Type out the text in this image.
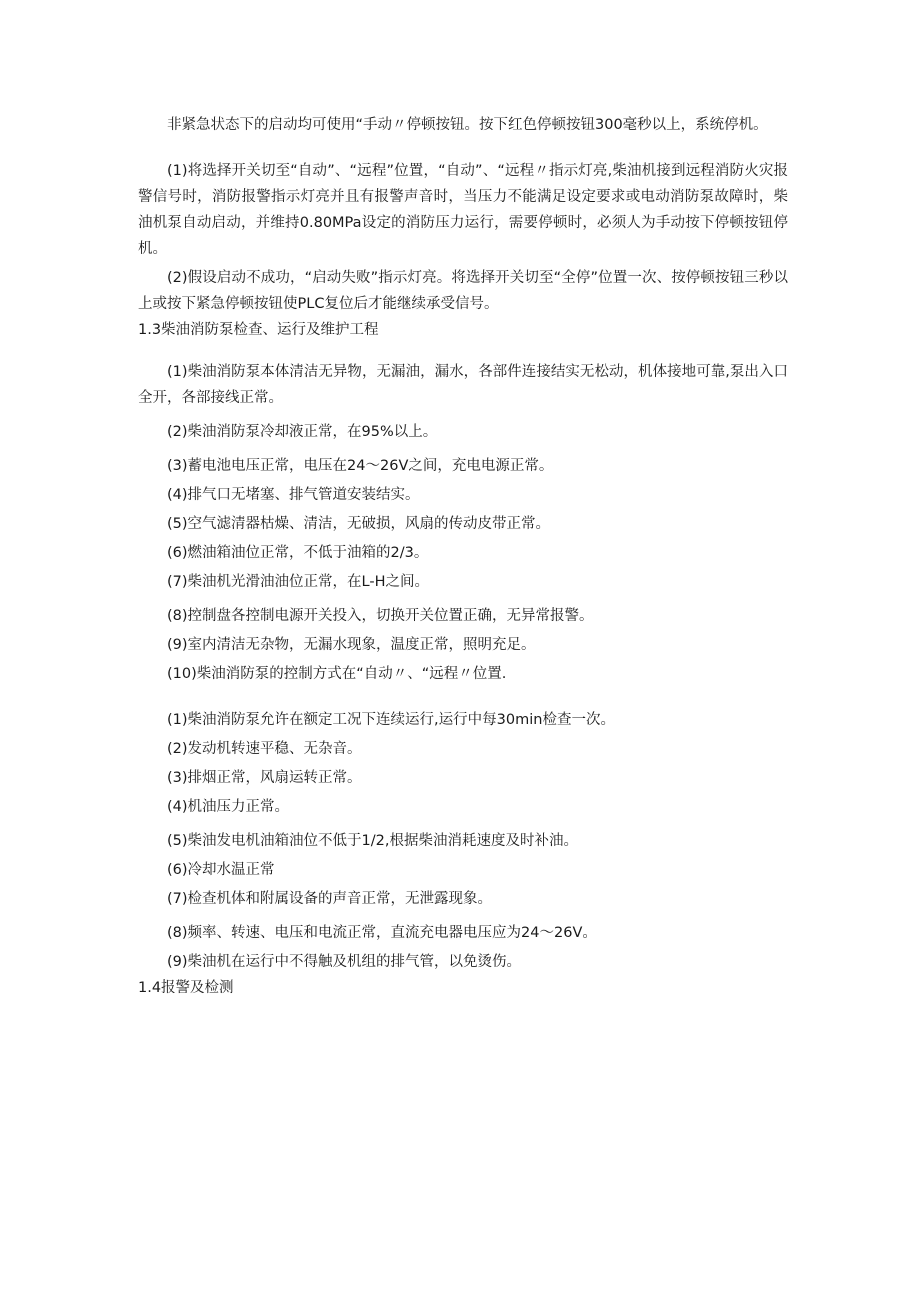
非紧急状态下的启动均可使用“手动〃停顿按钮。按下红色停顿按钮300毫秒以上，系统停机。

(1)将选择开关切至“自动”、“远程”位置，“自动”、“远程〃指示灯亮,柴油机接到远程消防火灾报警信号时，消防报警指示灯亮并且有报警声音时，当压力不能满足设定要求或电动消防泵故障时，柴油机泵自动启动，并维持0.80MPa设定的消防压力运行，需要停顿时，必须人为手动按下停顿按钮停机。

(2)假设启动不成功，“启动失败”指示灯亮。将选择开关切至“全停”位置一次、按停顿按钮三秒以上或按下紧急停顿按钮使PLC复位后才能继续承受信号。

1.3柴油消防泵检查、运行及维护工程

(1)柴油消防泵本体清洁无异物，无漏油，漏水，各部件连接结实无松动，机体接地可靠,泵出入口全开，各部接线正常。

(2)柴油消防泵冷却液正常，在95%以上。

(3)蓄电池电压正常，电压在24～26V之间，充电电源正常。

(4)排气口无堵塞、排气管道安装结实。

(5)空气滤清器枯燥、清洁，无破损，风扇的传动皮带正常。

(6)燃油箱油位正常，不低于油箱的2/3。

(7)柴油机光滑油油位正常，在L-H之间。

(8)控制盘各控制电源开关投入，切换开关位置正确，无异常报警。

(9)室内清洁无杂物，无漏水现象，温度正常，照明充足。

(10)柴油消防泵的控制方式在“自动〃、“远程〃位置.

(1)柴油消防泵允许在额定工况下连续运行,运行中每30min检查一次。

(2)发动机转速平稳、无杂音。

(3)排烟正常，风扇运转正常。

(4)机油压力正常。

(5)柴油发电机油箱油位不低于1/2,根据柴油消耗速度及时补油。

(6)冷却水温正常

(7)检查机体和附属设备的声音正常，无泄露现象。

(8)频率、转速、电压和电流正常，直流充电器电压应为24～26V。

(9)柴油机在运行中不得触及机组的排气管，以免烫伤。

1.4报警及检测
